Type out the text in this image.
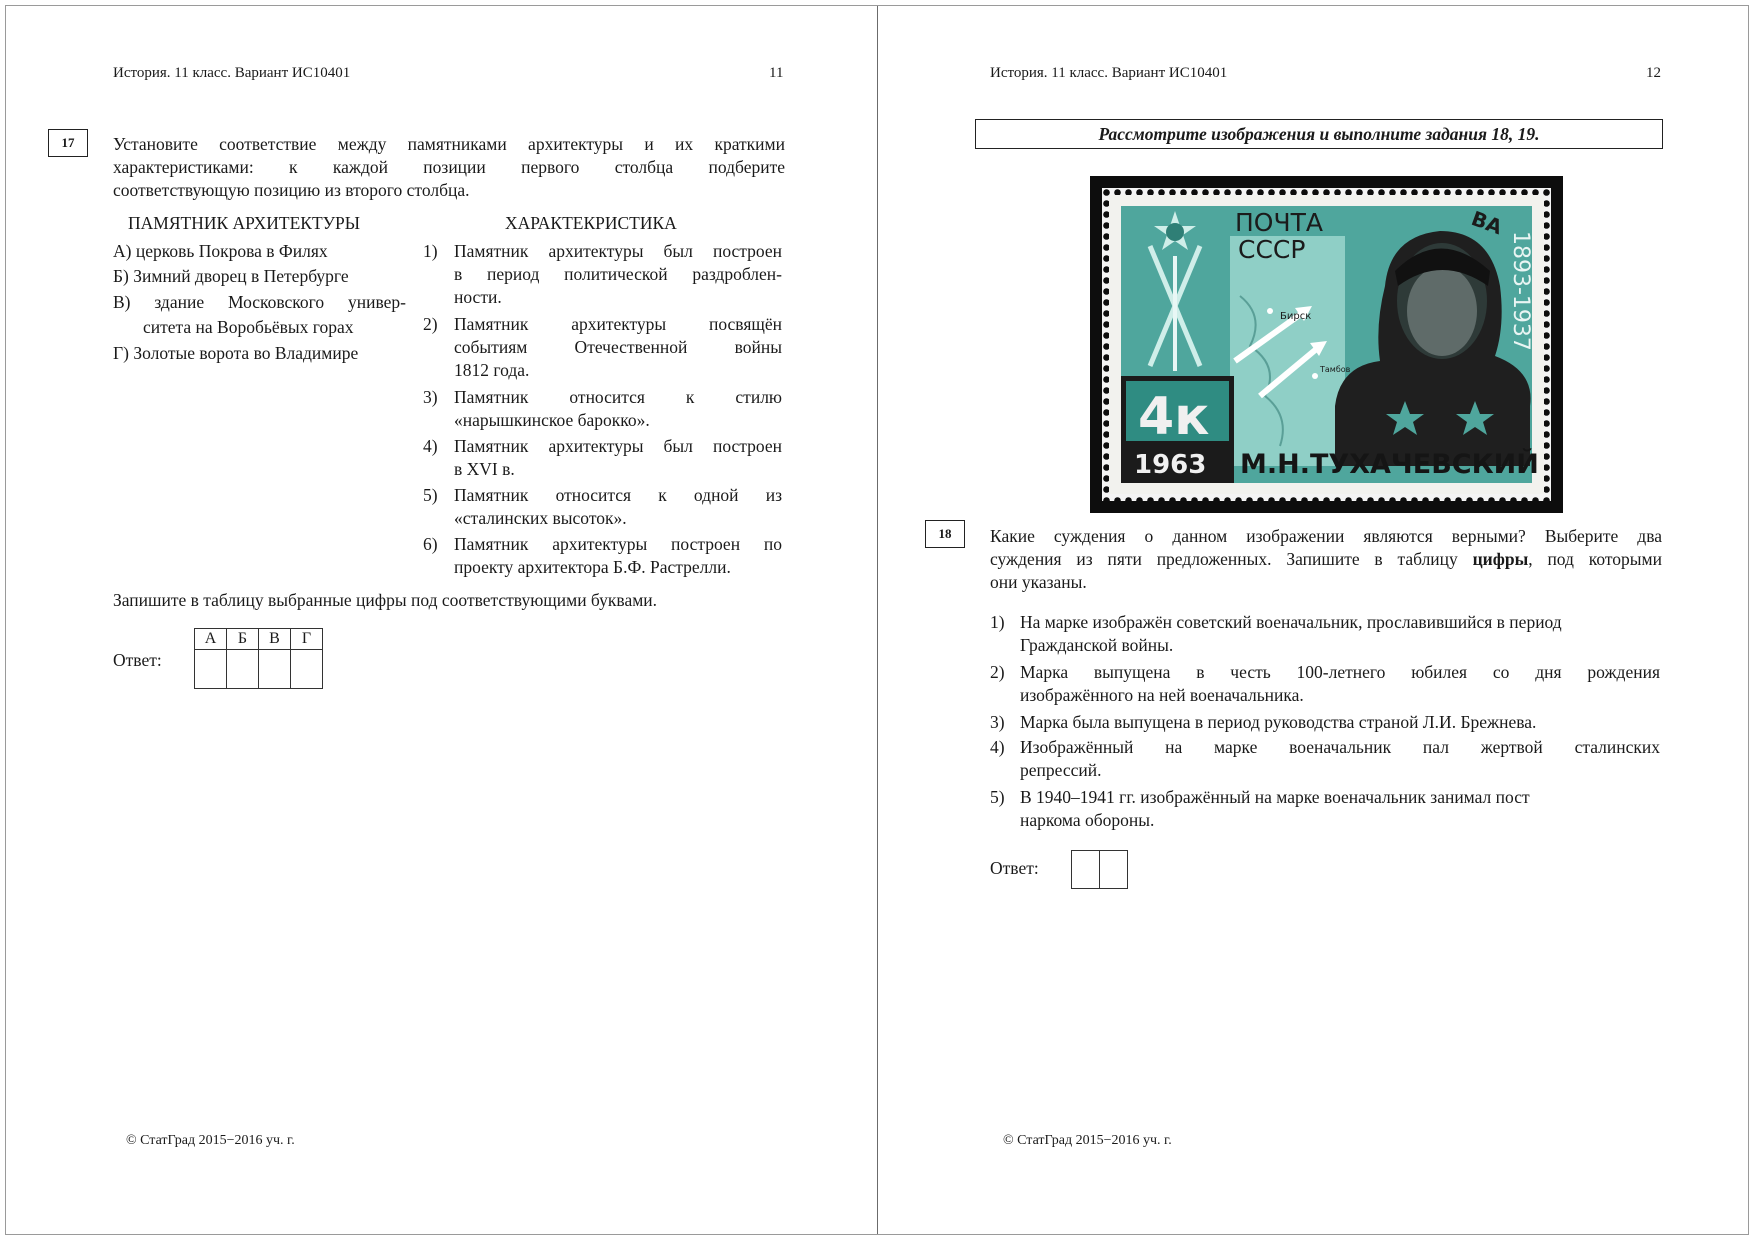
История. 11 класс. Вариант ИС10401	11
17	Установите соответствие между памятниками архитектуры и их краткими
характеристиками: к каждой позиции первого столбца подберите
соответствующую позицию из второго столбца.
ПАМЯТНИК АРХИТЕКТУРЫ	ХАРАКТЕКРИСТИКА
А) церковь Покрова в Филях
Б) Зимний дворец в Петербурге
В) здание Московского универ-
ситета на Воробьёвых горах
Г) Золотые ворота во Владимире
1) Памятник архитектуры был построен
в период политической раздроблен-
ности.
2) Памятник архитектуры посвящён
событиям Отечественной войны
1812 года.
3) Памятник относится к стилю
«нарышкинское барокко».
4) Памятник архитектуры был построен
в XVI в.
5) Памятник относится к одной из
«сталинских высоток».
6) Памятник архитектуры построен по
проекту архитектора Б.Ф. Растрелли.
Запишите в таблицу выбранные цифры под соответствующими буквами.
Ответ:
А	Б	В	Г

© СтатГрад 2015−2016 уч. г.
История. 11 класс. Вариант ИС10401	12
Рассмотрите изображения и выполните задания 18, 19.
ПОЧТА
СССР
Бирск
Тамбов
4к
1963 М.Н.ТУХАЧЕВСКИЙ
1893-1937
ВА
18	Какие суждения о данном изображении являются верными? Выберите два
суждения из пяти предложенных. Запишите в таблицу цифры, под которыми
они указаны.
1) На марке изображён советский военачальник, прославившийся в период
Гражданской войны.
2) Марка выпущена в честь 100-летнего юбилея со дня рождения
изображённого на ней военачальника.
3) Марка была выпущена в период руководства страной Л.И. Брежнева.
4) Изображённый на марке военачальник пал жертвой сталинских
репрессий.
5) В 1940–1941 гг. изображённый на марке военачальник занимал пост
наркома обороны.
Ответ:
© СтатГрад 2015−2016 уч. г.
